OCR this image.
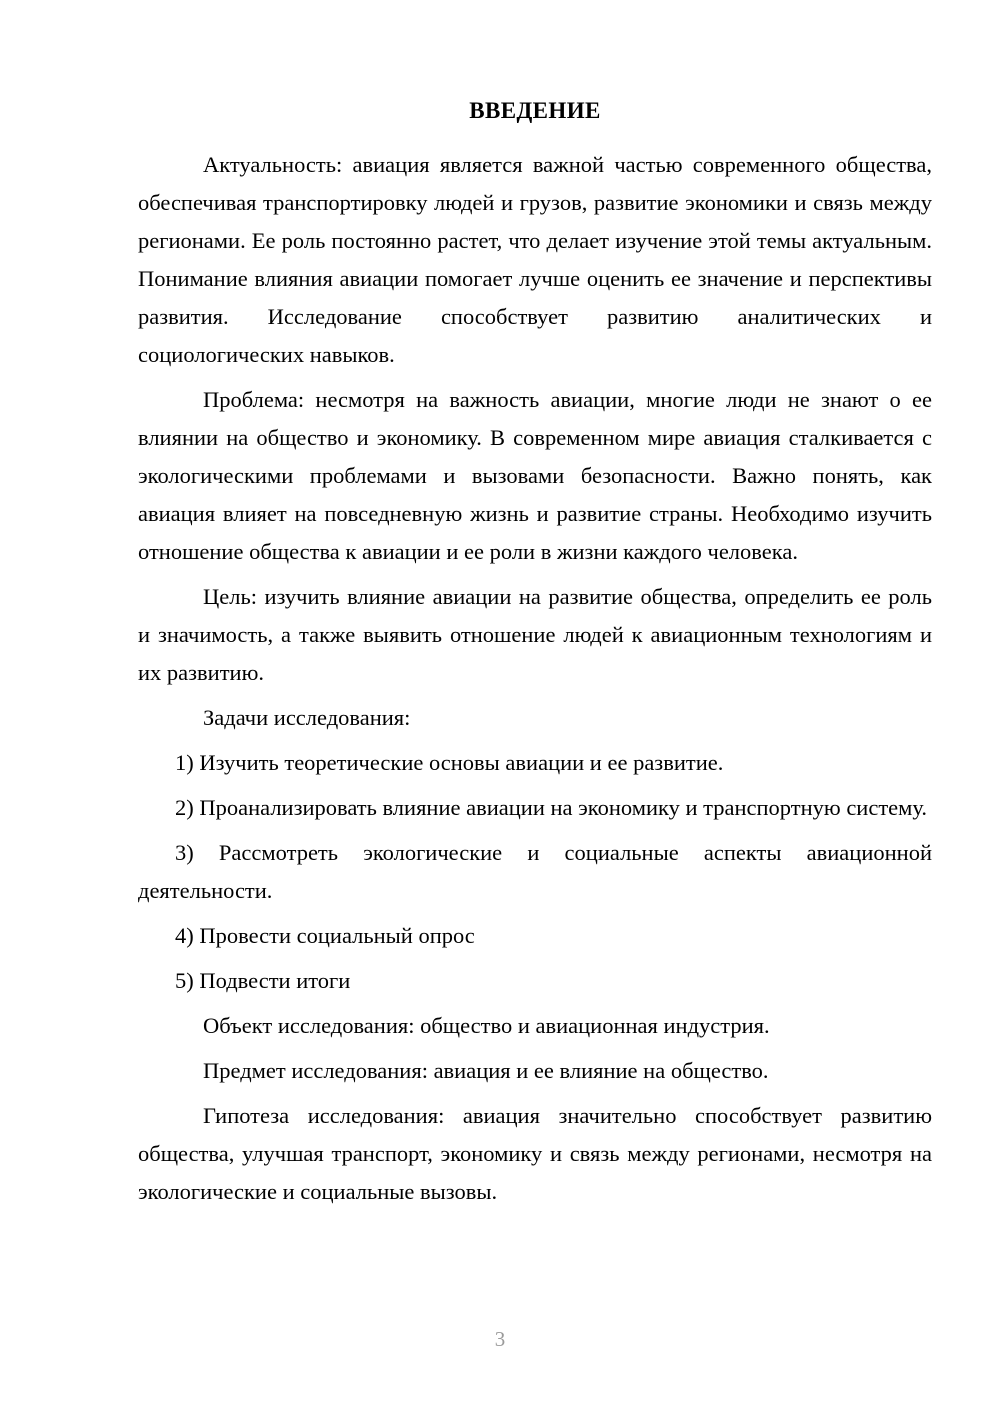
ВВЕДЕНИЕ

Актуальность: авиация является важной частью современного общества, обеспечивая транспортировку людей и грузов, развитие экономики и связь между регионами. Ее роль постоянно растет, что делает изучение этой темы актуальным. Понимание влияния авиации помогает лучше оценить ее значение и перспективы развития. Исследование способствует развитию аналитических и социологических навыков.

Проблема: несмотря на важность авиации, многие люди не знают о ее влиянии на общество и экономику. В современном мире авиация сталкивается с экологическими проблемами и вызовами безопасности. Важно понять, как авиация влияет на повседневную жизнь и развитие страны. Необходимо изучить отношение общества к авиации и ее роли в жизни каждого человека.

Цель: изучить влияние авиации на развитие общества, определить ее роль и значимость, а также выявить отношение людей к авиационным технологиям и их развитию.

Задачи исследования:

1) Изучить теоретические основы авиации и ее развитие.

2) Проанализировать влияние авиации на экономику и транспортную систему.

3) Рассмотреть экологические и социальные аспекты авиационной деятельности.

4) Провести социальный опрос

5) Подвести итоги

Объект исследования: общество и авиационная индустрия.

Предмет исследования: авиация и ее влияние на общество.

Гипотеза исследования: авиация значительно способствует развитию общества, улучшая транспорт, экономику и связь между регионами, несмотря на экологические и социальные вызовы.

3
